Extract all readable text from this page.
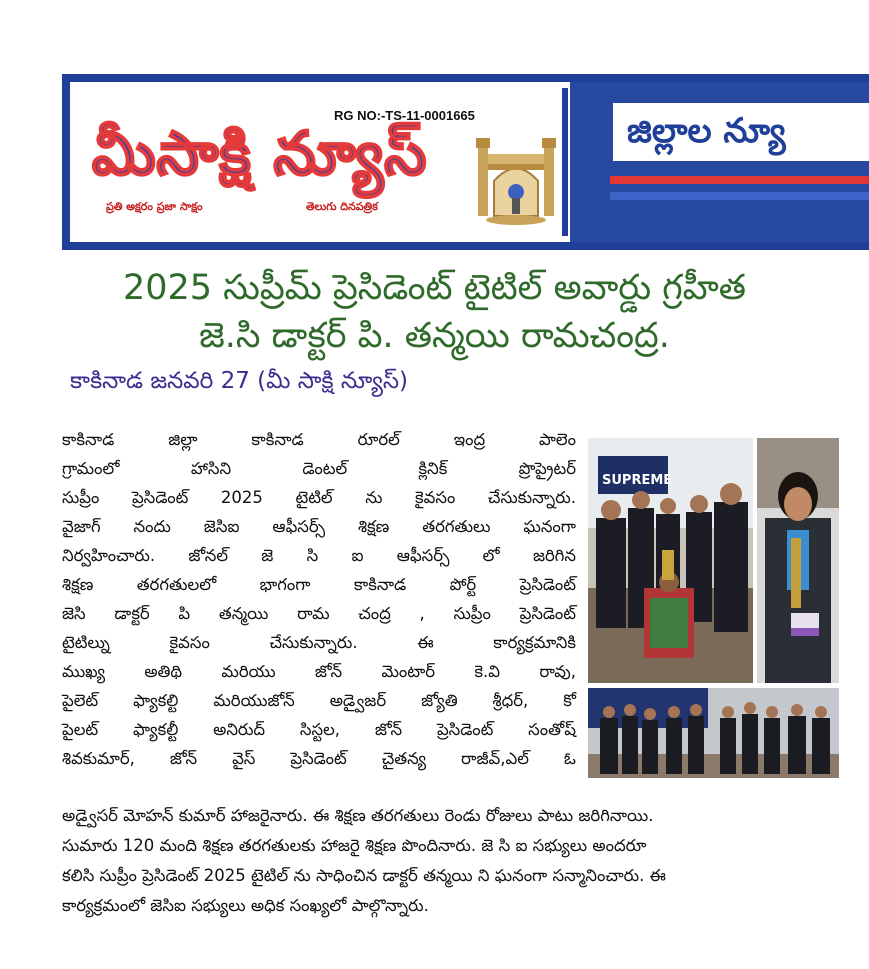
RG NO:-TS-11-0001665
మీసాక్షి న్యూస్
ప్రతి అక్షరం ప్రజా సాక్షం	తెలుగు దినపత్రిక
జిల్లాల న్యూ
2025 సుప్రీమ్ ప్రెసిడెంట్ టైటిల్ అవార్డు గ్రహీత
జె.సి డాక్టర్ పి. తన్మయి రామచంద్ర.
కాకినాడ జనవరి 27 (మీ సాక్షి న్యూస్)

కాకినాడ జిల్లా కాకినాడ రూరల్ ఇంద్ర పాలెం

గ్రామంలో హాసిని డెంటల్ క్లినిక్ ప్రొప్రైటర్

సుప్రీం ప్రెసిడెంట్ 2025 టైటిల్ ను కైవసం చేసుకున్నారు.

వైజాగ్ నందు జెసిఐ ఆఫీసర్స్ శిక్షణ తరగతులు ఘనంగా

నిర్వహించారు. జోనల్ జె సి ఐ ఆఫీసర్స్ లో జరిగిన

శిక్షణ తరగతులలో భాగంగా కాకినాడ పోర్ట్ ప్రెసిడెంట్

జెసి డాక్టర్ పి తన్మయి రామ చంద్ర , సుప్రీం ప్రెసిడెంట్

టైటిల్ను కైవసం చేసుకున్నారు. ఈ కార్యక్రమానికి

ముఖ్య అతిథి మరియు జోన్ మెంటార్ కె.వి రావు,

పైలెట్ ఫ్యాకల్టి మరియుజోన్ అడ్వైజర్ జ్యోతి శ్రీధర్, కో

పైలట్ ఫ్యాకల్టీ అనిరుద్ సిస్టల, జోన్ ప్రెసిడెంట్ సంతోష్

శివకుమార్, జోన్ వైస్ ప్రెసిడెంట్ చైతన్య రాజీవ్,ఎల్ ఓ

అడ్వైసర్ మోహన్ కుమార్ హాజరైనారు. ఈ శిక్షణ తరగతులు రెండు రోజులు పాటు జరిగినాయి.

సుమారు 120 మంది శిక్షణ తరగతులకు హాజరై శిక్షణ పొందినారు. జె సి ఐ సభ్యులు అందరూ

కలిసి సుప్రీం ప్రెసిడెంట్ 2025 టైటిల్ ను సాధించిన డాక్టర్ తన్మయి ని ఘనంగా సన్మానించారు. ఈ

కార్యక్రమంలో జెసిఐ సభ్యులు అధిక సంఖ్యలో పాల్గొన్నారు.

SUPREME
